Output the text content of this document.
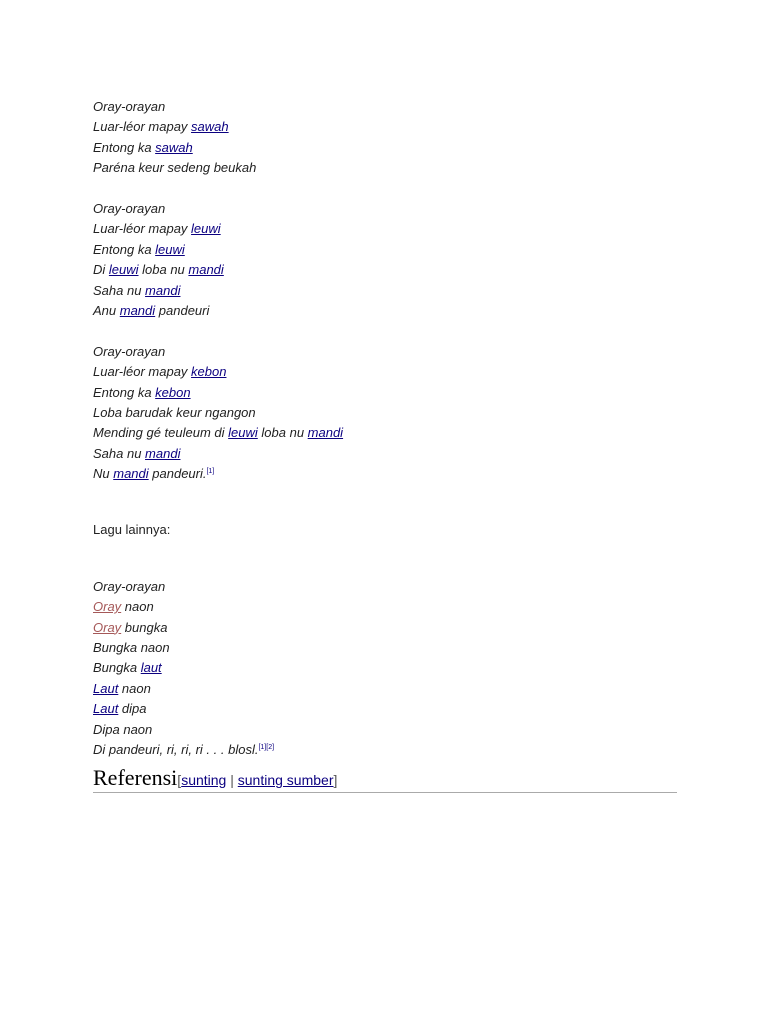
Oray-orayan
Luar-léor mapay sawah
Entong ka sawah
Paréna keur sedeng beukah
Oray-orayan
Luar-léor mapay leuwi
Entong ka leuwi
Di leuwi loba nu mandi
Saha nu mandi
Anu mandi pandeuri
Oray-orayan
Luar-léor mapay kebon
Entong ka kebon
Loba barudak keur ngangon
Mending gé teuleum di leuwi loba nu mandi
Saha nu mandi
Nu mandi pandeuri.[1]
Lagu lainnya:
Oray-orayan
Oray naon
Oray bungka
Bungka naon
Bungka laut
Laut naon
Laut dipa
Dipa naon
Di pandeuri, ri, ri, ri . . . blosl.[1][2]
Referensi[sunting | sunting sumber]
